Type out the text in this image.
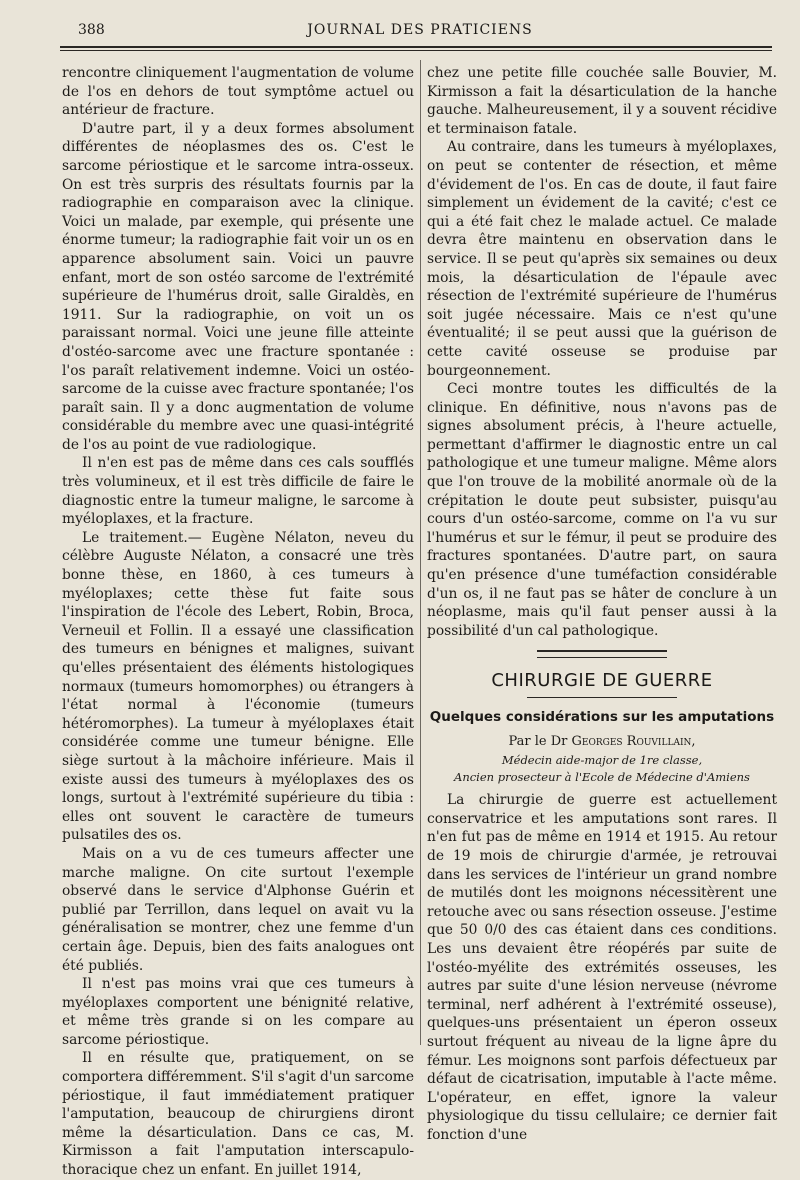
388	JOURNAL DES PRATICIENS

rencontre cliniquement l'augmentation de volume de l'os en dehors de tout symptôme actuel ou antérieur de fracture.

D'autre part, il y a deux formes absolument différentes de néoplasmes des os. C'est le sarcome périostique et le sarcome intra-osseux. On est très surpris des résultats fournis par la radiographie en comparaison avec la clinique. Voici un malade, par exemple, qui présente une énorme tumeur; la radiographie fait voir un os en apparence absolument sain. Voici un pauvre enfant, mort de son ostéo sarcome de l'extrémité supérieure de l'humérus droit, salle Giraldès, en 1911. Sur la radiographie, on voit un os paraissant normal. Voici une jeune fille atteinte d'ostéo-sarcome avec une fracture spontanée : l'os paraît relativement indemne. Voici un ostéo-sarcome de la cuisse avec fracture spontanée; l'os paraît sain. Il y a donc augmentation de volume considérable du membre avec une quasi-intégrité de l'os au point de vue radiologique.

Il n'en est pas de même dans ces cals soufflés très volumineux, et il est très difficile de faire le diagnostic entre la tumeur maligne, le sarcome à myéloplaxes, et la fracture.

Le traitement.— Eugène Nélaton, neveu du célèbre Auguste Nélaton, a consacré une très bonne thèse, en 1860, à ces tumeurs à myéloplaxes; cette thèse fut faite sous l'inspiration de l'école des Lebert, Robin, Broca, Verneuil et Follin. Il a essayé une classification des tumeurs en bénignes et malignes, suivant qu'elles présentaient des éléments histologiques normaux (tumeurs homomorphes) ou étrangers à l'état normal à l'économie (tumeurs hétéromorphes). La tumeur à myéloplaxes était considérée comme une tumeur bénigne. Elle siège surtout à la mâchoire inférieure. Mais il existe aussi des tumeurs à myéloplaxes des os longs, surtout à l'extrémité supérieure du tibia : elles ont souvent le caractère de tumeurs pulsatiles des os.

Mais on a vu de ces tumeurs affecter une marche maligne. On cite surtout l'exemple observé dans le service d'Alphonse Guérin et publié par Terrillon, dans lequel on avait vu la généralisation se montrer, chez une femme d'un certain âge. Depuis, bien des faits analogues ont été publiés.

Il n'est pas moins vrai que ces tumeurs à myéloplaxes comportent une bénignité relative, et même très grande si on les compare au sarcome périostique.

Il en résulte que, pratiquement, on se comportera différemment. S'il s'agit d'un sarcome périostique, il faut immédiatement pratiquer l'amputation, beaucoup de chirurgiens diront même la désarticulation. Dans ce cas, M. Kirmisson a fait l'amputation interscapulo-thoracique chez un enfant. En juillet 1914,

chez une petite fille couchée salle Bouvier, M. Kirmisson a fait la désarticulation de la hanche gauche. Malheureusement, il y a souvent récidive et terminaison fatale.

Au contraire, dans les tumeurs à myéloplaxes, on peut se contenter de résection, et même d'évidement de l'os. En cas de doute, il faut faire simplement un évidement de la cavité; c'est ce qui a été fait chez le malade actuel. Ce malade devra être maintenu en observation dans le service. Il se peut qu'après six semaines ou deux mois, la désarticulation de l'épaule avec résection de l'extrémité supérieure de l'humérus soit jugée nécessaire. Mais ce n'est qu'une éventualité; il se peut aussi que la guérison de cette cavité osseuse se produise par bourgeonnement.

Ceci montre toutes les difficultés de la clinique. En définitive, nous n'avons pas de signes absolument précis, à l'heure actuelle, permettant d'affirmer le diagnostic entre un cal pathologique et une tumeur maligne. Même alors que l'on trouve de la mobilité anormale où de la crépitation le doute peut subsister, puisqu'au cours d'un ostéo-sarcome, comme on l'a vu sur l'humérus et sur le fémur, il peut se produire des fractures spontanées. D'autre part, on saura qu'en présence d'une tuméfaction considérable d'un os, il ne faut pas se hâter de conclure à un néoplasme, mais qu'il faut penser aussi à la possibilité d'un cal pathologique.

CHIRURGIE DE GUERRE
Quelques considérations sur les amputations
Par le Dr Georges Rouvillain,
Médecin aide-major de 1re classe,
Ancien prosecteur à l'Ecole de Médecine d'Amiens

La chirurgie de guerre est actuellement conservatrice et les amputations sont rares. Il n'en fut pas de même en 1914 et 1915. Au retour de 19 mois de chirurgie d'armée, je retrouvai dans les services de l'intérieur un grand nombre de mutilés dont les moignons nécessitèrent une retouche avec ou sans résection osseuse. J'estime que 50 0/0 des cas étaient dans ces conditions. Les uns devaient être réopérés par suite de l'ostéo-myélite des extrémités osseuses, les autres par suite d'une lésion nerveuse (névrome terminal, nerf adhérent à l'extrémité osseuse), quelques-uns présentaient un éperon osseux surtout fréquent au niveau de la ligne âpre du fémur. Les moignons sont parfois défectueux par défaut de cicatrisation, imputable à l'acte même. L'opérateur, en effet, ignore la valeur physiologique du tissu cellulaire; ce dernier fait fonction d'une
